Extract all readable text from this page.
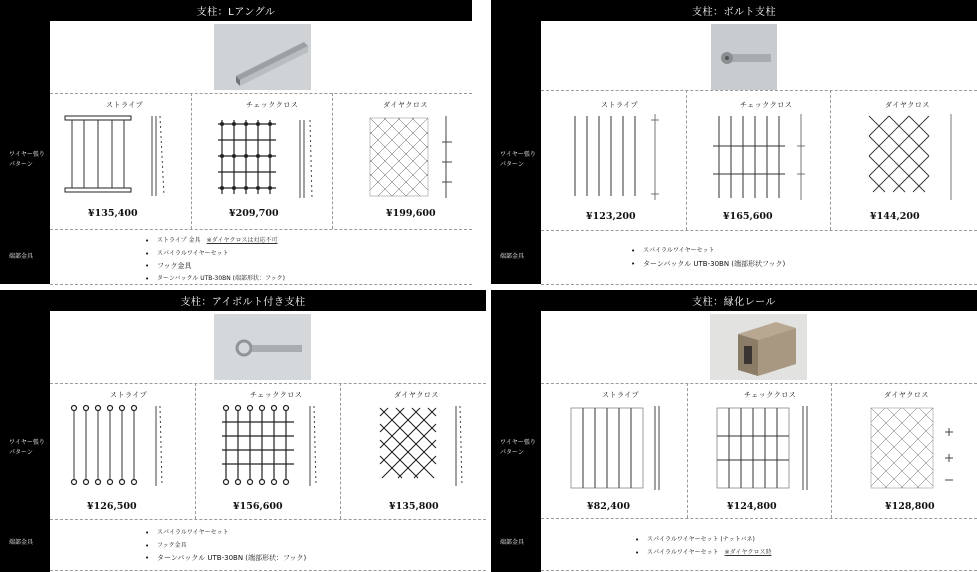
支柱：Lアングル
ワイヤー張り
パターン
端部金具
ストライプ	チェッククロス	ダイヤクロス
¥135,400	¥209,700	¥199,600
• ストライプ 金具　 ※ダイヤクロスは対応不可
• スパイラルワイヤーセット
• フック金具
• ターンバックル UTB-30BN (端部形状：フック)
支柱：ボルト支柱
ワイヤー張り
パターン
端部金具
ストライプ	チェッククロス	ダイヤクロス
¥123,200	¥165,600	¥144,200
• スパイラルワイヤーセット
• ターンバックル UTB-30BN (端部形状フック)
支柱：アイボルト付き支柱
ワイヤー張り
パターン
端部金具
ストライプ	チェッククロス	ダイヤクロス
¥126,500	¥156,600	¥135,800
• スパイラルワイヤーセット
• フック金具
• ターンバックル UTB-30BN (端部形状：フック)
支柱：縁化レール
ワイヤー張り
パターン
端部金具
ストライプ	チェッククロス	ダイヤクロス
¥82,400	¥124,800	¥128,800
• スパイラルワイヤーセット (ナットバネ)
• スパイラルワイヤーセット　 ※ダイヤクロス時
